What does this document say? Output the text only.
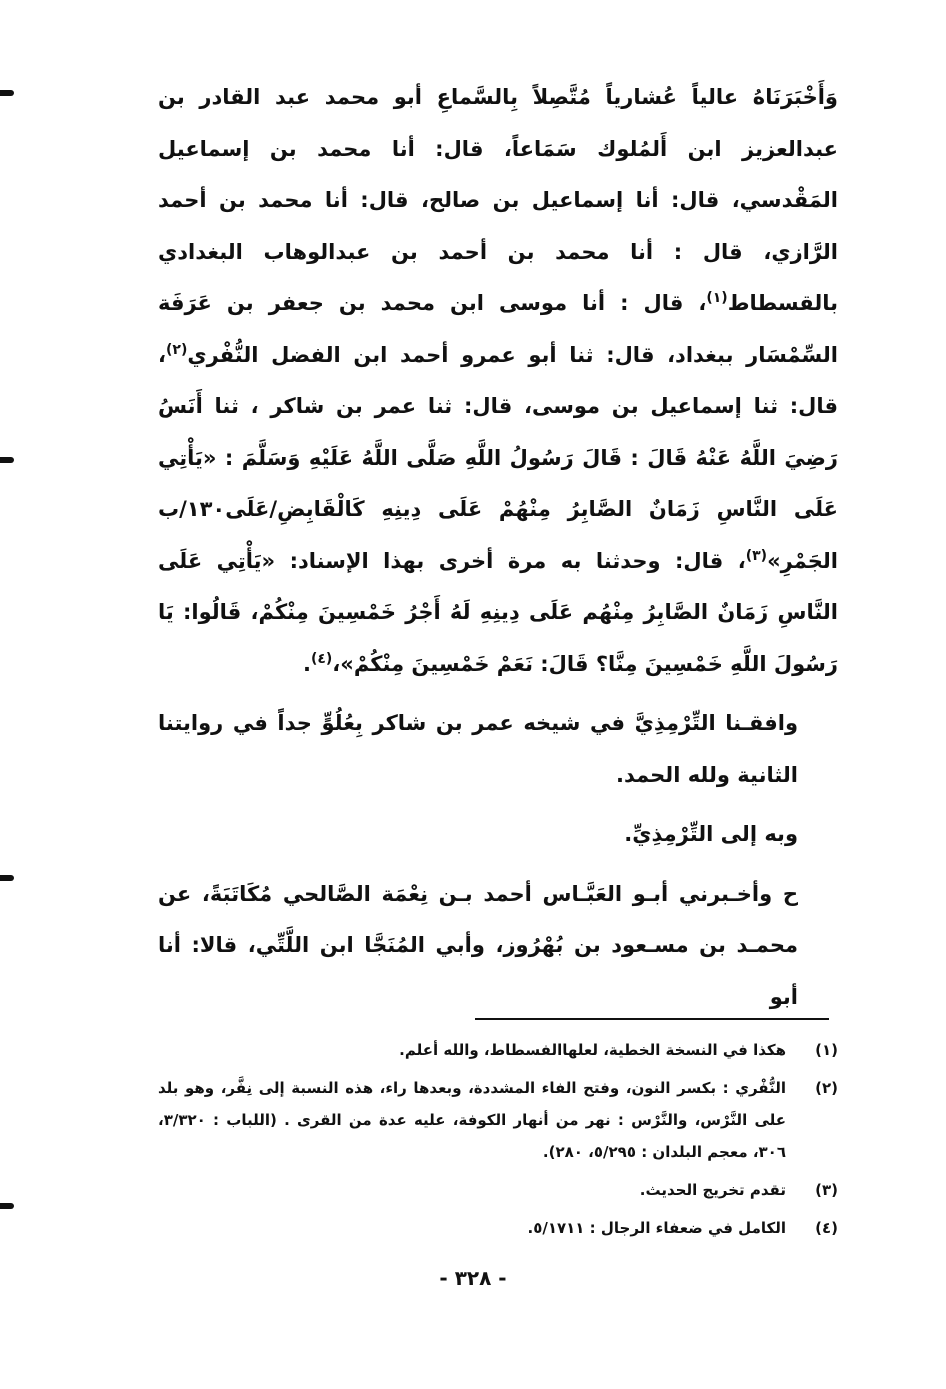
وَأَخْبَرَنَاهُ عالياً عُشارياً مُتَّصِلاً بِالسَّماعِ أبو محمد عبد القادر بن عبدالعزيز ابن أَلمُلوك سَمَاعاً، قال: أنا محمد بن إسماعيل المَقْدسي، قال: أنا إسماعيل بن صالح، قال: أنا محمد بن أحمد الرَّازي، قال : أنا محمد بن أحمد بن عبدالوهاب البغدادي بالقسطاط$^{(١)}$، قال : أنا موسى ابن محمد بن جعفر بن عَرَفَة السِّمْسَار ببغداد، قال: ثنا أبو عمرو أحمد ابن الفضل النُّفْري$^{(٢)}$، قال: ثنا إسماعيل بن موسى، قال: ثنا عمر بن شاكر ، ثنا أَنَسُ رَضِيَ اللَّهُ عَنْهُ قَالَ : قَالَ رَسُولُ اللَّهِ صَلَّى اللَّهُ عَلَيْهِ وَسَلَّمَ : «يَأْتِي عَلَى النَّاسِ زَمَانٌ الصَّابِرُ مِنْهُمْ عَلَى دِينِهِ كَالْقَابِضِ/عَلَى١٣٠/ب الجَمْرِ»$^{(٣)}$، قال: وحدثنا به مرة أخرى بهذا الإسناد: «يَأْتِي عَلَى النَّاسِ زَمَانٌ الصَّابِرُ مِنْهُم عَلَى دِينِهِ لَهُ أَجْرُ خَمْسِينَ مِنْكُمْ، قَالُوا: يَا رَسُولَ اللَّهِ خَمْسِينَ مِنَّا؟ قَالَ: نَعَمْ خَمْسِينَ مِنْكُمْ»،$^{(٤)}$.

وافقـنا التِّرْمِذِيَّ في شيخه عمر بن شاكر بِعُلُوٍّ جداً في روايتنا الثانية ولله الحمد.

وبه إلى التِّرْمِذِيِّ.

ح وأخـبرني أبـو العَبَّـاس أحمد بـن نِعْمَة الصَّالحي مُكَاتَبَةً، عن محمـد بن مسـعود بن بُهْرُوز، وأبي المُنَجَّا ابن اللَّتِّي، قالا: أنا أبو

(١)
هكذا في النسخة الخطية، لعلهاالفسطاط، والله أعلم.
(٢)
النُّفْري : بكسر النون، وفتح الفاء المشددة، وبعدها راء، هذه النسبة إلى نِفَّر، وهو بلد على النَّرْس، والنَّرْس : نهر من أنهار الكوفة، عليه عدة من القرى . (اللباب : ٣/٣٢٠، ٣٠٦، معجم البلدان : ٥/٢٩٥، ٢٨٠).
(٣)
تقدم تخريج الحديث.
(٤)
الكامل في ضعفاء الرجال : ٥/١٧١١.
- ٣٢٨ -
